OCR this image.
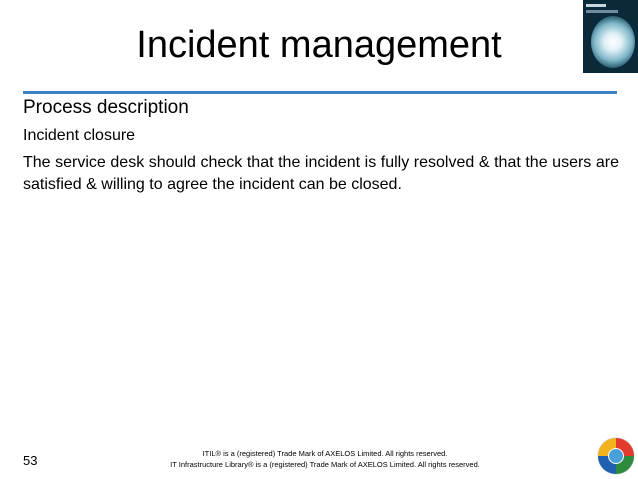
Incident management
Process description
Incident closure
The service desk should check that the incident is fully resolved & that the users are satisfied & willing to agree the incident can be closed.
53	ITIL® is a (registered) Trade Mark of AXELOS Limited. All rights reserved.
IT Infrastructure Library® is a (registered) Trade Mark of AXELOS Limited. All rights reserved.
